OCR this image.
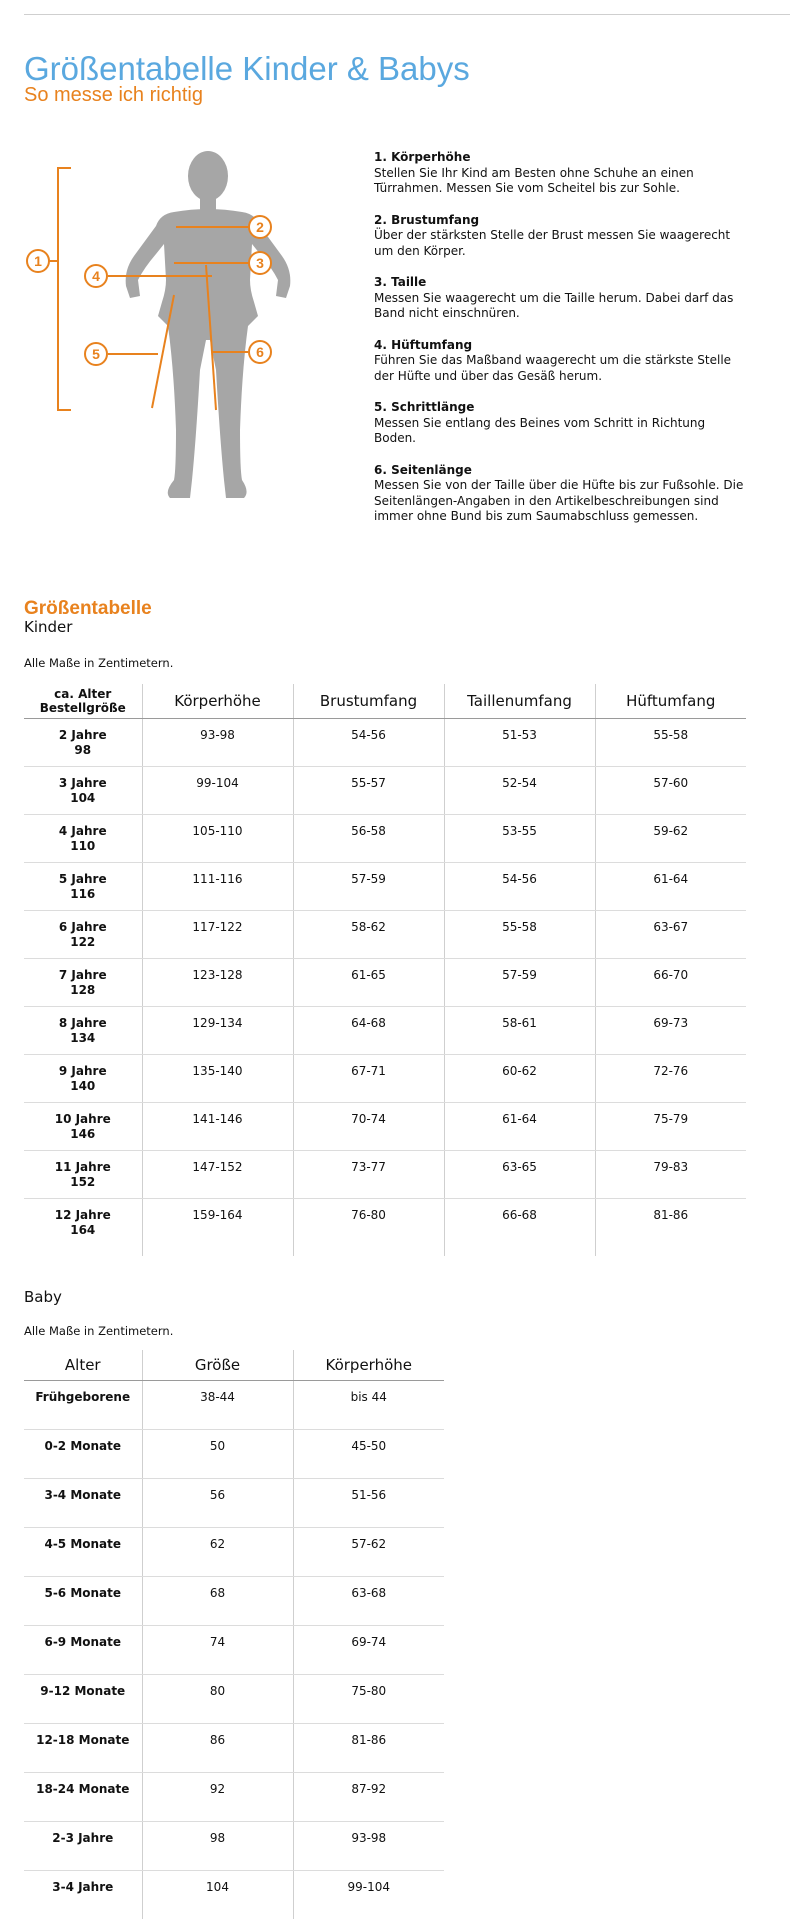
Größentabelle Kinder & Babys
So messe ich richtig
1
2
3
4
5	6
1. Körperhöhe
Stellen Sie Ihr Kind am Besten ohne Schuhe an einen Türrahmen. Messen Sie vom Scheitel bis zur Sohle.
2. Brustumfang
Über der stärksten Stelle der Brust messen Sie waagerecht um den Körper.
3. Taille
Messen Sie waagerecht um die Taille herum. Dabei darf das Band nicht einschnüren.
4. Hüftumfang
Führen Sie das Maßband waagerecht um die stärkste Stelle der Hüfte und über das Gesäß herum.
5. Schrittlänge
Messen Sie entlang des Beines vom Schritt in Richtung Boden.
6. Seitenlänge
Messen Sie von der Taille über die Hüfte bis zur Fußsohle. Die Seitenlängen-Angaben in den Artikelbeschreibungen sind immer ohne Bund bis zum Saumabschluss gemessen.
Größentabelle
Kinder
Alle Maße in Zentimetern.
ca. Alter
Bestellgröße	Körperhöhe	Brustumfang	Taillenumfang	Hüftumfang
2 Jahre
98	93-98	54-56	51-53	55-58
3 Jahre
104	99-104	55-57	52-54	57-60
4 Jahre
110	105-110	56-58	53-55	59-62
5 Jahre
116	111-116	57-59	54-56	61-64
6 Jahre
122	117-122	58-62	55-58	63-67
7 Jahre
128	123-128	61-65	57-59	66-70
8 Jahre
134	129-134	64-68	58-61	69-73
9 Jahre
140	135-140	67-71	60-62	72-76
10 Jahre
146	141-146	70-74	61-64	75-79
11 Jahre
152	147-152	73-77	63-65	79-83
12 Jahre
164	159-164	76-80	66-68	81-86
Baby
Alle Maße in Zentimetern.
Alter	Größe	Körperhöhe
Frühgeborene	38-44	bis 44
0-2 Monate	50	45-50
3-4 Monate	56	51-56
4-5 Monate	62	57-62
5-6 Monate	68	63-68
6-9 Monate	74	69-74
9-12 Monate	80	75-80
12-18 Monate	86	81-86
18-24 Monate	92	87-92
2-3 Jahre	98	93-98
3-4 Jahre	104	99-104
